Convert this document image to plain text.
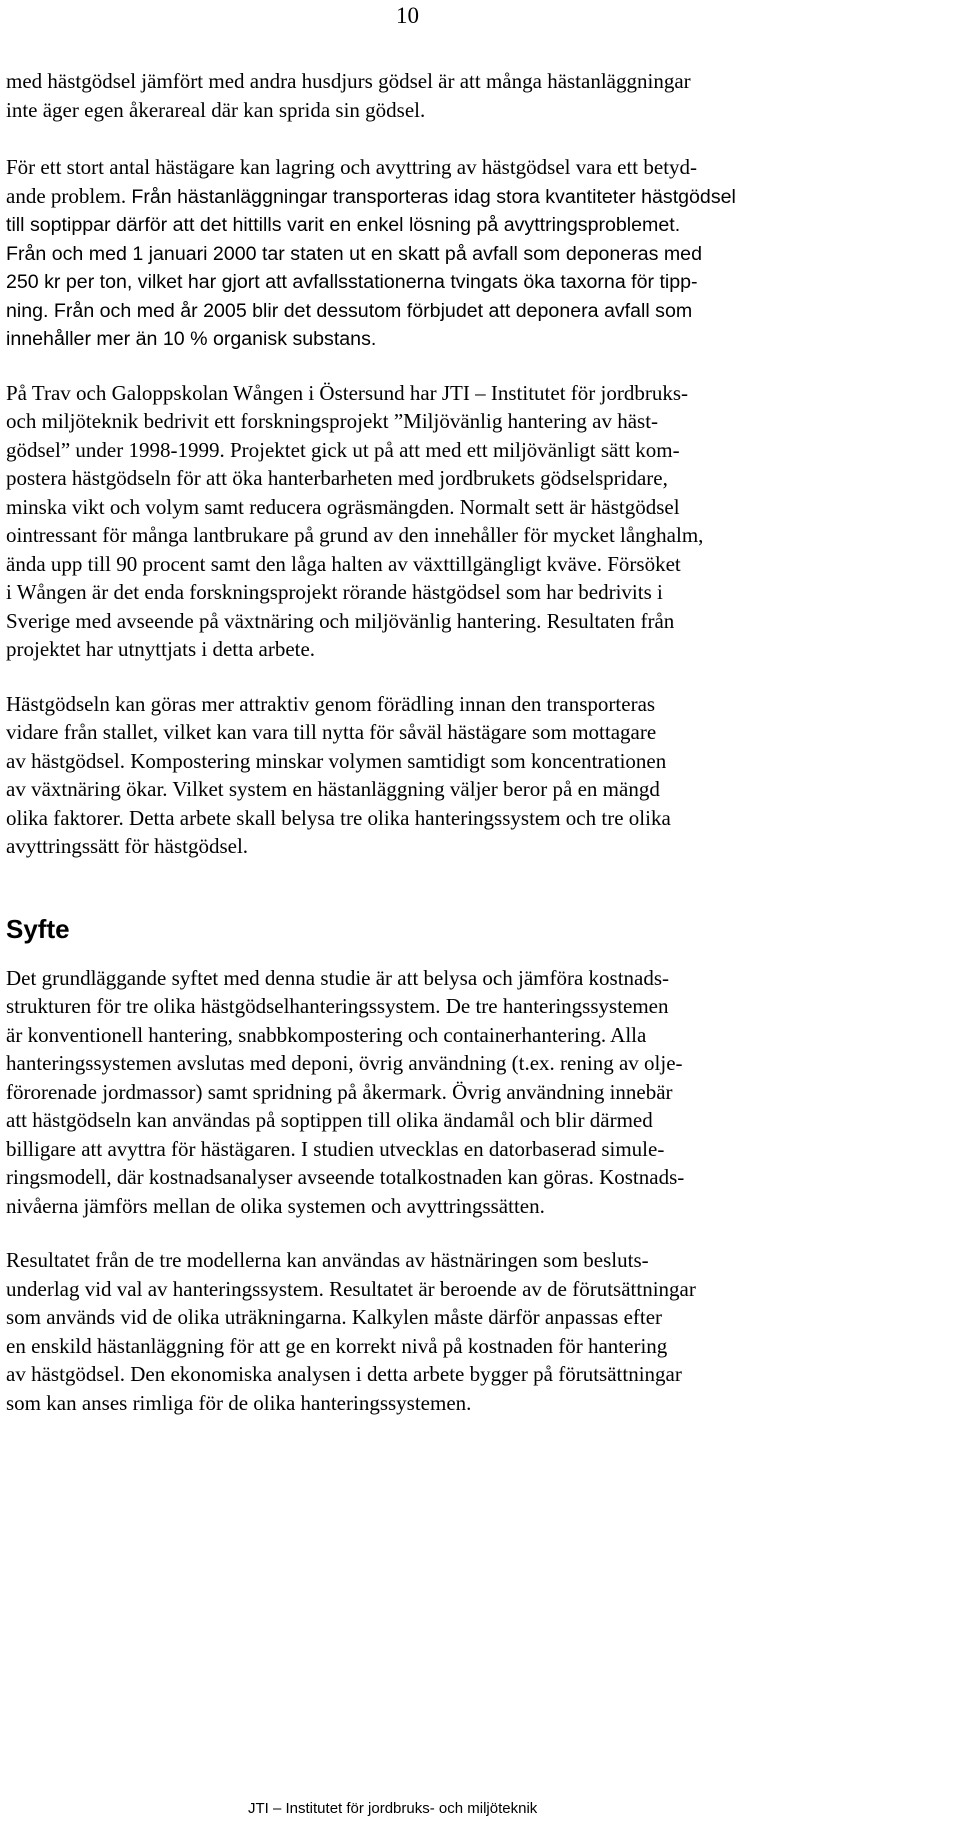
10

med hästgödsel jämfört med andra husdjurs gödsel är att många hästanläggningar
inte äger egen åkerareal där kan sprida sin gödsel.

För ett stort antal hästägare kan lagring och avyttring av hästgödsel vara ett betyd-
ande problem. Från hästanläggningar transporteras idag stora kvantiteter hästgödsel
till soptippar därför att det hittills varit en enkel lösning på avyttringsproblemet.
Från och med 1 januari 2000 tar staten ut en skatt på avfall som deponeras med
250 kr per ton, vilket har gjort att avfallsstationerna tvingats öka taxorna för tipp-
ning. Från och med år 2005 blir det dessutom förbjudet att deponera avfall som
innehåller mer än 10 % organisk substans.

På Trav och Galoppskolan Wången i Östersund har JTI – Institutet för jordbruks-
och miljöteknik bedrivit ett forskningsprojekt ”Miljövänlig hantering av häst-
gödsel” under 1998-1999. Projektet gick ut på att med ett miljövänligt sätt kom-
postera hästgödseln för att öka hanterbarheten med jordbrukets gödselspridare,
minska vikt och volym samt reducera ogräsmängden. Normalt sett är hästgödsel
ointressant för många lantbrukare på grund av den innehåller för mycket långhalm,
ända upp till 90 procent samt den låga halten av växttillgängligt kväve. Försöket
i Wången är det enda forskningsprojekt rörande hästgödsel som har bedrivits i
Sverige med avseende på växtnäring och miljövänlig hantering. Resultaten från
projektet har utnyttjats i detta arbete.

Hästgödseln kan göras mer attraktiv genom förädling innan den transporteras
vidare från stallet, vilket kan vara till nytta för såväl hästägare som mottagare
av hästgödsel. Kompostering minskar volymen samtidigt som koncentrationen
av växtnäring ökar. Vilket system en hästanläggning väljer beror på en mängd
olika faktorer. Detta arbete skall belysa tre olika hanteringssystem och tre olika
avyttringssätt för hästgödsel.

Syfte

Det grundläggande syftet med denna studie är att belysa och jämföra kostnads-
strukturen för tre olika hästgödselhanteringssystem. De tre hanteringssystemen
är konventionell hantering, snabbkompostering och containerhantering. Alla
hanteringssystemen avslutas med deponi, övrig användning (t.ex. rening av olje-
förorenade jordmassor) samt spridning på åkermark. Övrig användning innebär
att hästgödseln kan användas på soptippen till olika ändamål och blir därmed
billigare att avyttra för hästägaren. I studien utvecklas en datorbaserad simule-
ringsmodell, där kostnadsanalyser avseende totalkostnaden kan göras. Kostnads-
nivåerna jämförs mellan de olika systemen och avyttringssätten.

Resultatet från de tre modellerna kan användas av hästnäringen som besluts-
underlag vid val av hanteringssystem. Resultatet är beroende av de förutsättningar
som används vid de olika uträkningarna. Kalkylen måste därför anpassas efter
en enskild hästanläggning för att ge en korrekt nivå på kostnaden för hantering
av hästgödsel. Den ekonomiska analysen i detta arbete bygger på förutsättningar
som kan anses rimliga för de olika hanteringssystemen.

JTI – Institutet för jordbruks- och miljöteknik
